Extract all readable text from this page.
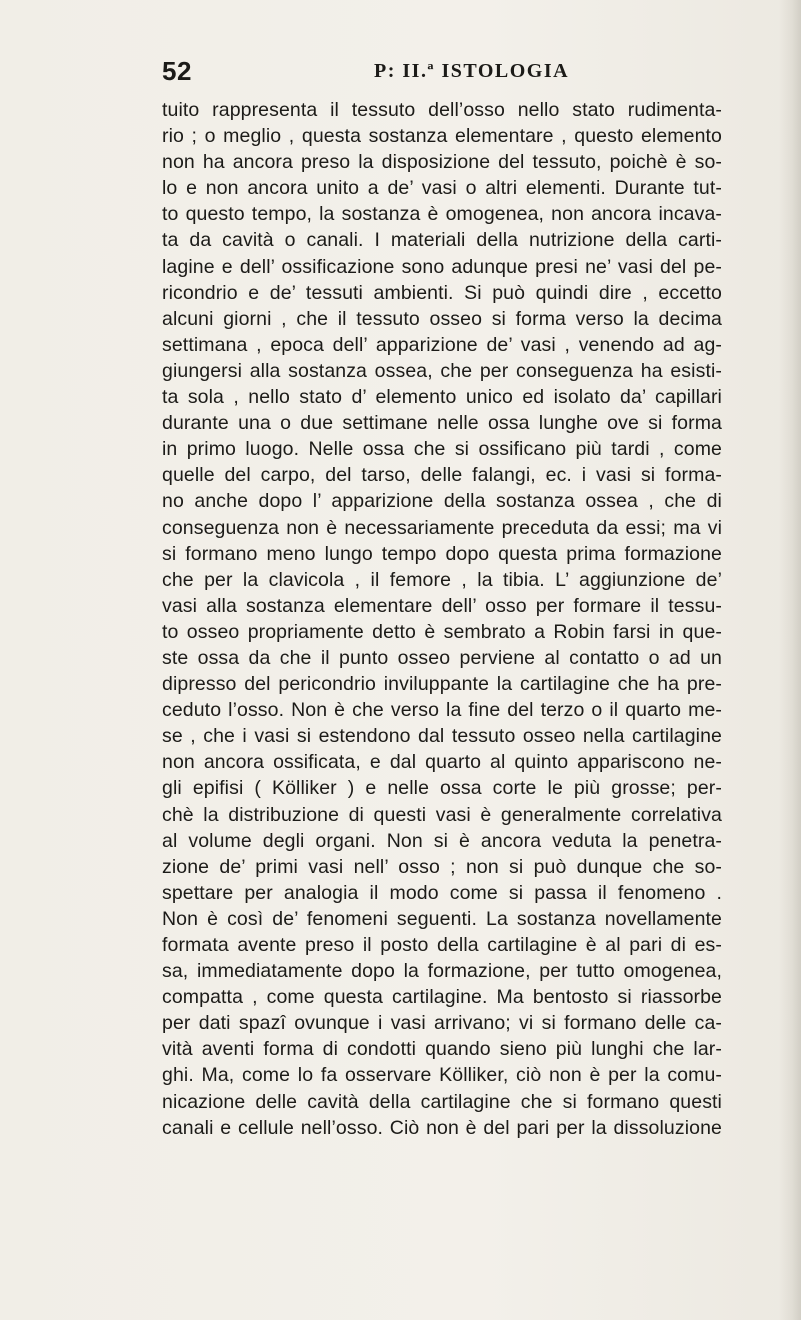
52	P: II.ª ISTOLOGIA
tuito rappresenta il tessuto dell’osso nello stato rudimenta-
rio ; o meglio , questa sostanza elementare , questo elemento
non ha ancora preso la disposizione del tessuto, poichè è so-
lo e non ancora unito a de’ vasi o altri elementi. Durante tut-
to questo tempo, la sostanza è omogenea, non ancora incava-
ta da cavità o canali. I materiali della nutrizione della carti-
lagine e dell’ ossificazione sono adunque presi ne’ vasi del pe-
ricondrio e de’ tessuti ambienti. Si può quindi dire , eccetto
alcuni giorni , che il tessuto osseo si forma verso la decima
settimana , epoca dell’ apparizione de’ vasi , venendo ad ag-
giungersi alla sostanza ossea, che per conseguenza ha esisti-
ta sola , nello stato d’ elemento unico ed isolato da’ capillari
durante una o due settimane nelle ossa lunghe ove si forma
in primo luogo. Nelle ossa che si ossificano più tardi , come
quelle del carpo, del tarso, delle falangi, ec. i vasi si forma-
no anche dopo l’ apparizione della sostanza ossea , che di
conseguenza non è necessariamente preceduta da essi; ma vi
si formano meno lungo tempo dopo questa prima formazione
che per la clavicola , il femore , la tibia. L’ aggiunzione de’
vasi alla sostanza elementare dell’ osso per formare il tessu-
to osseo propriamente detto è sembrato a Robin farsi in que-
ste ossa da che il punto osseo perviene al contatto o ad un
dipresso del pericondrio inviluppante la cartilagine che ha pre-
ceduto l’osso. Non è che verso la fine del terzo o il quarto me-
se , che i vasi si estendono dal tessuto osseo nella cartilagine
non ancora ossificata, e dal quarto al quinto appariscono ne-
gli epifisi ( Kölliker ) e nelle ossa corte le più grosse; per-
chè la distribuzione di questi vasi è generalmente correlativa
al volume degli organi. Non si è ancora veduta la penetra-
zione de’ primi vasi nell’ osso ; non si può dunque che so-
spettare per analogia il modo come si passa il fenomeno .
Non è così de’ fenomeni seguenti. La sostanza novellamente
formata avente preso il posto della cartilagine è al pari di es-
sa, immediatamente dopo la formazione, per tutto omogenea,
compatta , come questa cartilagine. Ma bentosto si riassorbe
per dati spazî ovunque i vasi arrivano; vi si formano delle ca-
vità aventi forma di condotti quando sieno più lunghi che lar-
ghi. Ma, come lo fa osservare Kölliker, ciò non è per la comu-
nicazione delle cavità della cartilagine che si formano questi
canali e cellule nell’osso. Ciò non è del pari per la dissoluzione
